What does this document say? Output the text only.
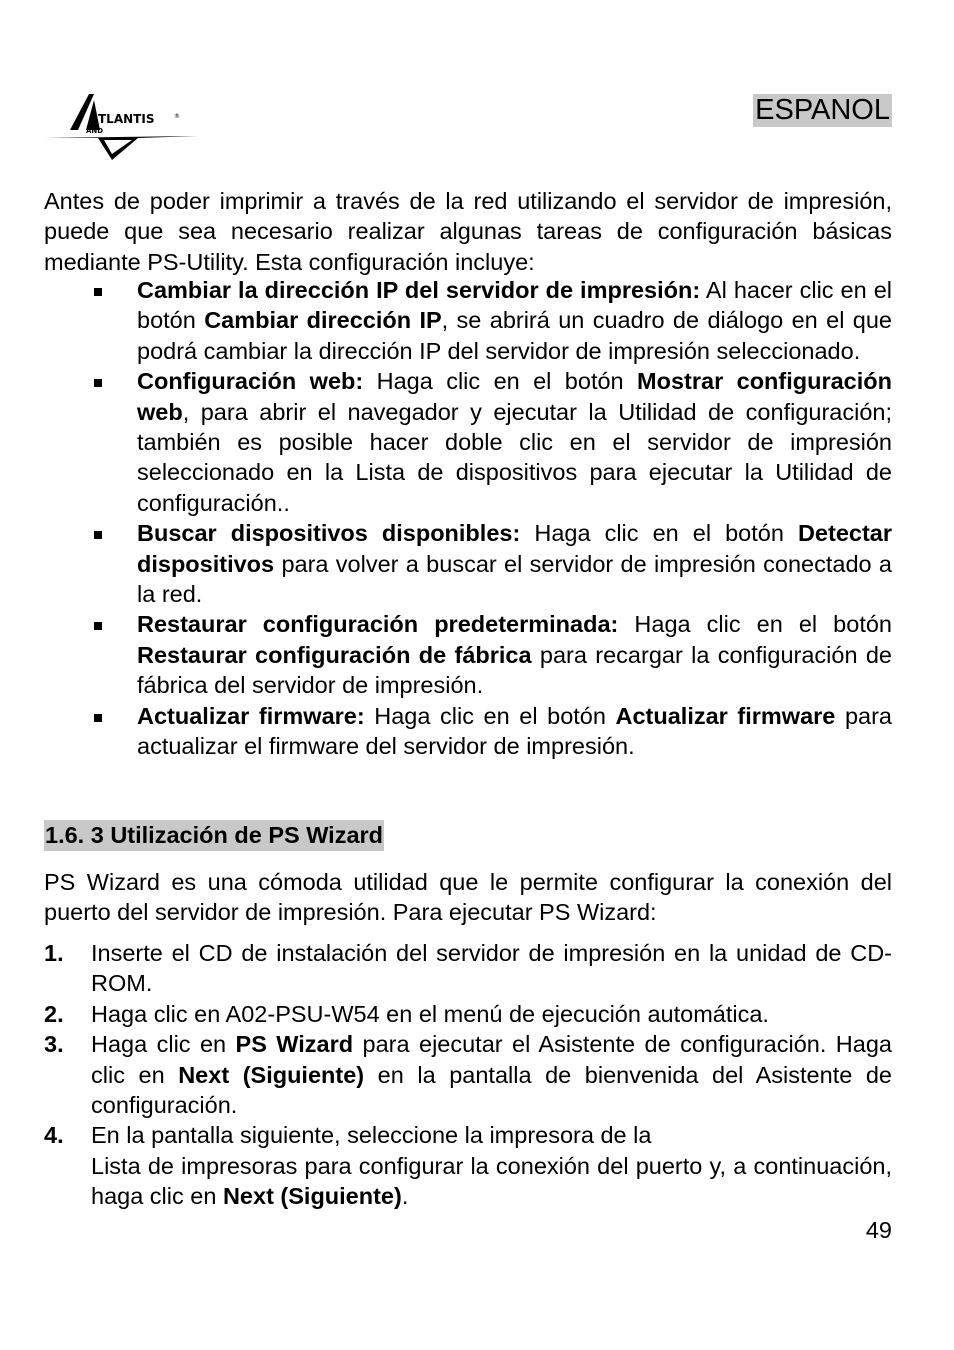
TLANTIS	®
AND
ESPANOL

Antes de poder imprimir a través de la red utilizando el servidor de impresión, puede que sea necesario realizar algunas tareas de configuración básicas mediante PS-Utility. Esta configuración incluye:

Cambiar la dirección IP del servidor de impresión: Al hacer clic en el botón Cambiar dirección IP, se abrirá un cuadro de diálogo en el que podrá cambiar la dirección IP del servidor de impresión seleccionado.
Configuración web: Haga clic en el botón Mostrar configuración web, para abrir el navegador y ejecutar la Utilidad de configuración; también es posible hacer doble clic en el servidor de impresión seleccionado en la Lista de dispositivos para ejecutar la Utilidad de configuración..
Buscar dispositivos disponibles: Haga clic en el botón Detectar dispositivos para volver a buscar el servidor de impresión conectado a la red.
Restaurar configuración predeterminada: Haga clic en el botón Restaurar configuración de fábrica para recargar la configuración de fábrica del servidor de impresión.
Actualizar firmware: Haga clic en el botón Actualizar firmware para actualizar el firmware del servidor de impresión.
1.6. 3 Utilización de PS Wizard

PS Wizard es una cómoda utilidad que le permite configurar la conexión del puerto del servidor de impresión. Para ejecutar PS Wizard:

1. Inserte el CD de instalación del servidor de impresión en la unidad de CD-ROM.
2. Haga clic en A02-PSU-W54 en el menú de ejecución automática.
3. Haga clic en PS Wizard para ejecutar el Asistente de configuración. Haga clic en Next (Siguiente) en la pantalla de bienvenida del Asistente de configuración.
4. En la pantalla siguiente, seleccione la impresora de la
Lista de impresoras para configurar la conexión del puerto y, a continuación, haga clic en Next (Siguiente).
49
